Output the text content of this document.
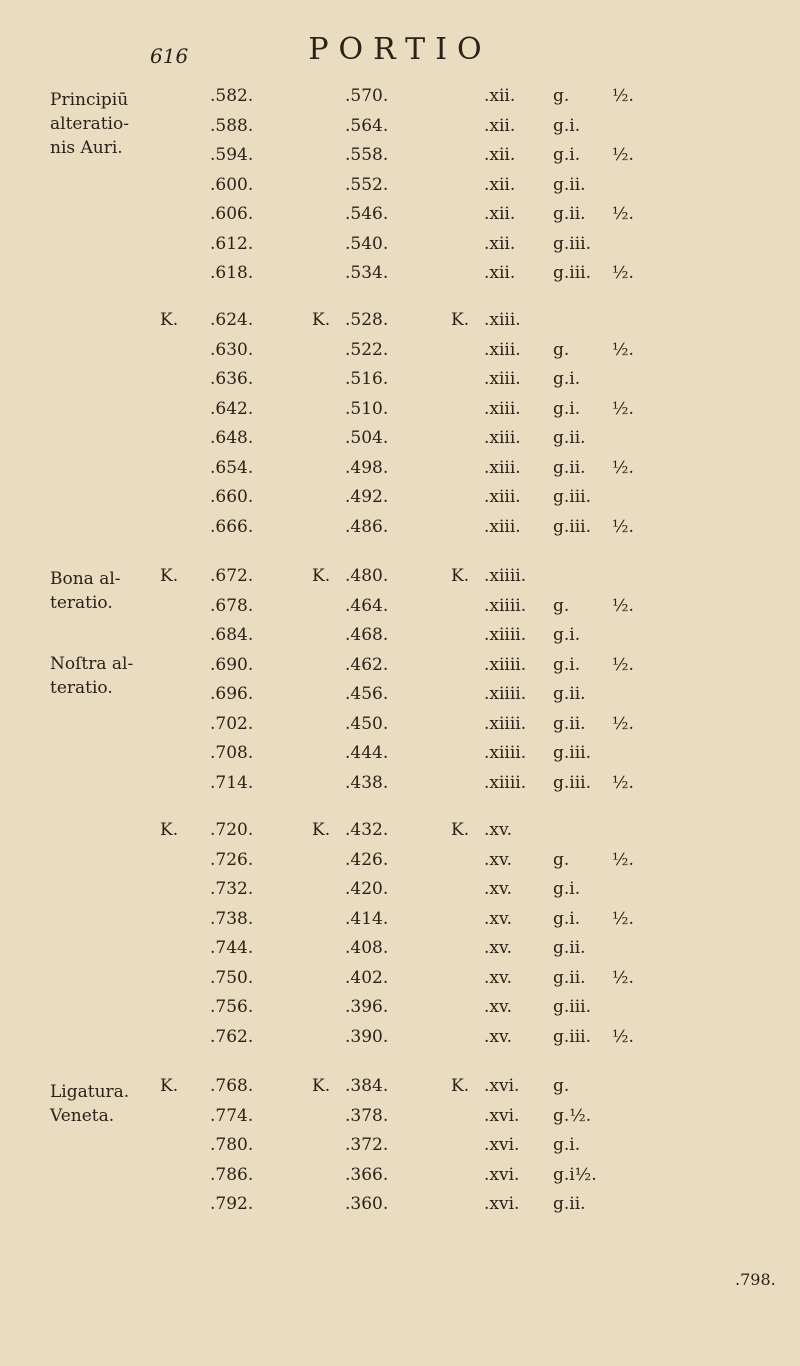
616	PORTIO
Principiū
alteratio-
nis Auri.
Bona al-
teratio.
Noſtra al-
teratio.
Ligatura.
Veneta.
.582.	.570.	.xii. g.	½.
.588.	.564.	.xii. g.i.
.594.	.558.	.xii. g.i. ½.
.600.	.552.	.xii. g.ii.
.606.	.546.	.xii. g.ii. ½.
.612.	.540.	.xii. g.iii.
.618.	.534.	.xii. g.iii. ½.
K. .624.	K. .528.	K. .xiii.
.630.	.522.	.xiii. g.	½.
.636.	.516.	.xiii. g.i.
.642.	.510.	.xiii. g.i. ½.
.648.	.504.	.xiii. g.ii.
.654.	.498.	.xiii. g.ii. ½.
.660.	.492.	.xiii. g.iii.
.666.	.486.	.xiii. g.iii. ½.
K. .672.	K. .480.	K. .xiiii.
.678.	.464.	.xiiii. g.	½.
.684.	.468.	.xiiii. g.i.
.690.	.462.	.xiiii. g.i. ½.
.696.	.456.	.xiiii. g.ii.
.702.	.450.	.xiiii. g.ii. ½.
.708.	.444.	.xiiii. g.iii.
.714.	.438.	.xiiii. g.iii. ½.
K. .720.	K. .432.	K. .xv.
.726.	.426.	.xv. g.	½.
.732.	.420.	.xv. g.i.
.738.	.414.	.xv. g.i. ½.
.744.	.408.	.xv. g.ii.
.750.	.402.	.xv. g.ii. ½.
.756.	.396.	.xv. g.iii.
.762.	.390.	.xv. g.iii. ½.
K. .768.	K. .384.	K. .xvi. g.
.774.	.378.	.xvi. g.½.
.780.	.372.	.xvi. g.i.
.786.	.366.	.xvi. g.i½.
.792.	.360.	.xvi. g.ii.
.798.
